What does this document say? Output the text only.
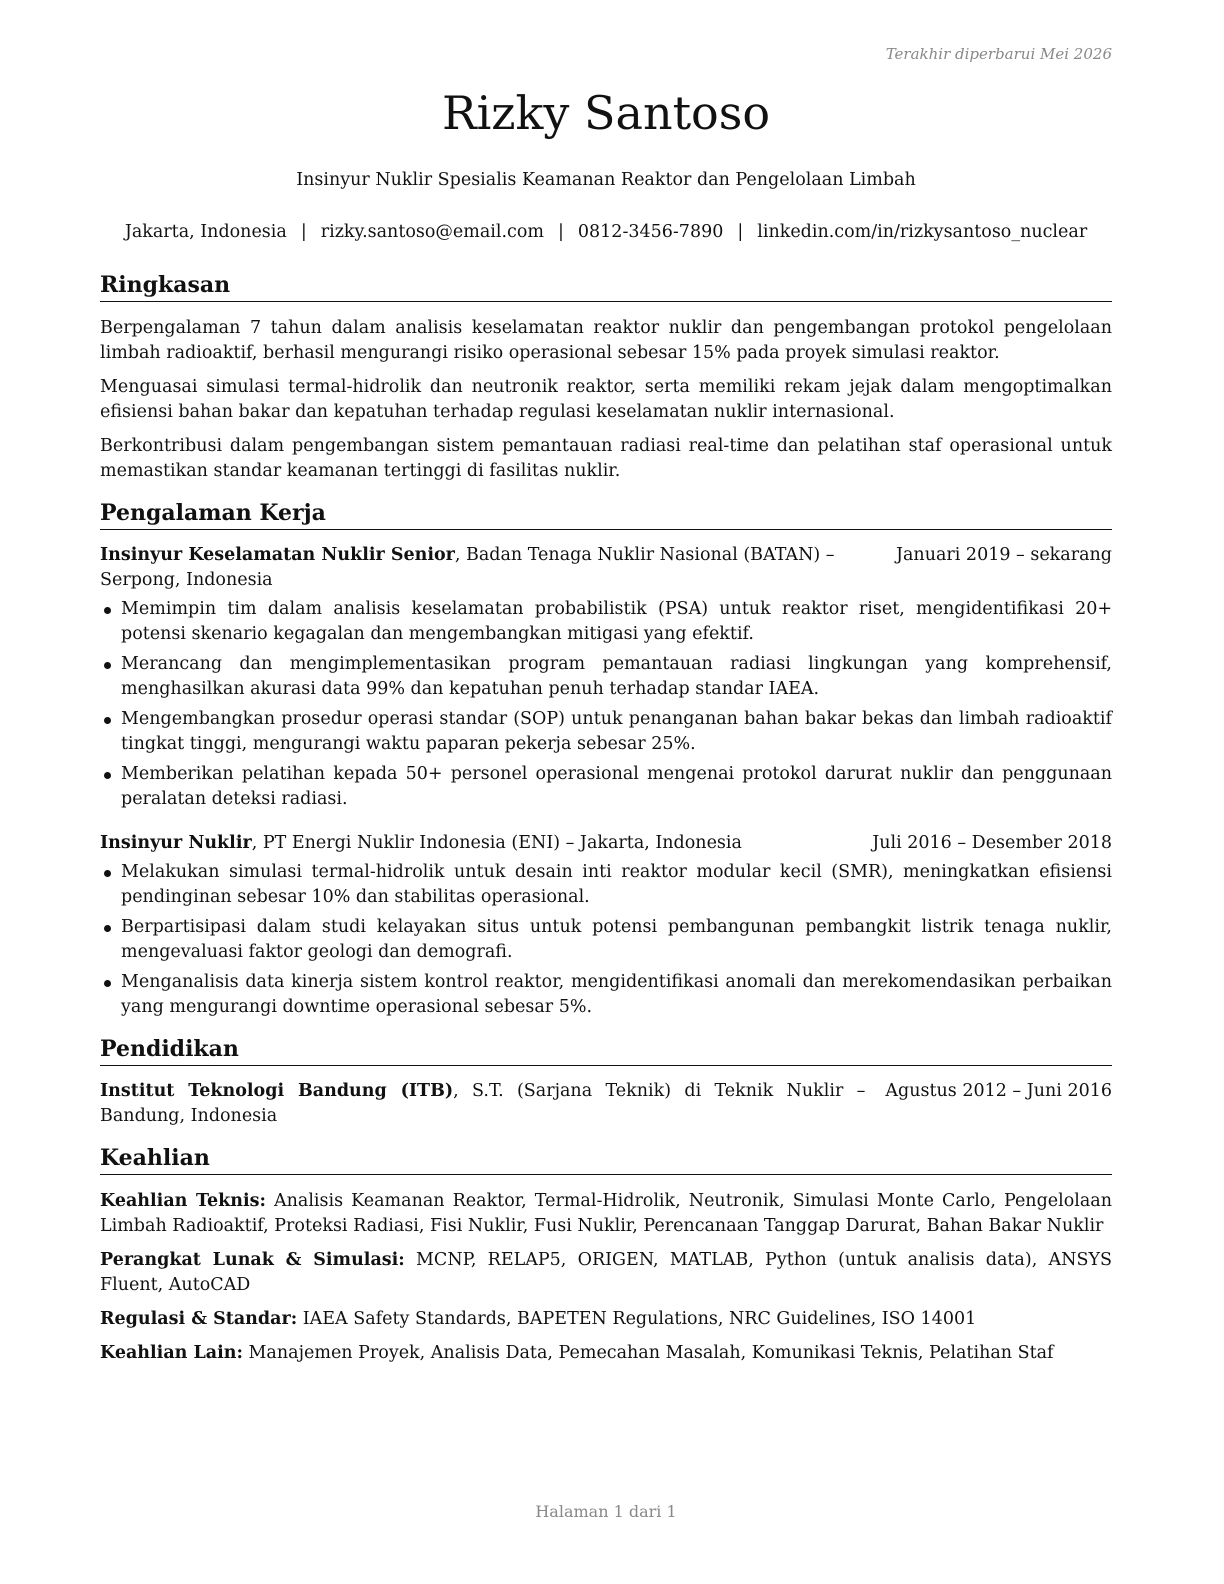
Terakhir diperbarui Mei 2026
Rizky Santoso

Insinyur Nuklir Spesialis Keamanan Reaktor dan Pengelolaan Limbah

Jakarta, Indonesia | rizky.santoso@email.com | 0812-3456-7890 | linkedin.com/in/rizkysantoso_nuclear

Ringkasan

Berpengalaman 7 tahun dalam analisis keselamatan reaktor nuklir dan pengembangan protokol pengelolaan limbah radioaktif, berhasil mengurangi risiko operasional sebesar 15% pada proyek simulasi reaktor.

Menguasai simulasi termal-hidrolik dan neutronik reaktor, serta memiliki rekam jejak dalam mengoptimalkan efisiensi bahan bakar dan kepatuhan terhadap regulasi keselamatan nuklir internasional.

Berkontribusi dalam pengembangan sistem pemantauan radiasi real-time dan pelatihan staf operasional untuk memastikan standar keamanan tertinggi di fasilitas nuklir.

Pengalaman Kerja

Insinyur Keselamatan Nuklir Senior, Badan Tenaga Nuklir Nasional (BATAN) – Serpong, Indonesia

Januari 2019 – sekarang

Memimpin tim dalam analisis keselamatan probabilistik (PSA) untuk reaktor riset, mengidentifikasi 20+ potensi skenario kegagalan dan mengembangkan mitigasi yang efektif.
Merancang dan mengimplementasikan program pemantauan radiasi lingkungan yang komprehensif, menghasilkan akurasi data 99% dan kepatuhan penuh terhadap standar IAEA.
Mengembangkan prosedur operasi standar (SOP) untuk penanganan bahan bakar bekas dan limbah radioaktif tingkat tinggi, mengurangi waktu paparan pekerja sebesar 25%.
Memberikan pelatihan kepada 50+ personel operasional mengenai protokol darurat nuklir dan penggunaan peralatan deteksi radiasi.

Insinyur Nuklir, PT Energi Nuklir Indonesia (ENI) – Jakarta, Indonesia	Juli 2016 – Desember 2018

Melakukan simulasi termal-hidrolik untuk desain inti reaktor modular kecil (SMR), meningkatkan efisiensi pendinginan sebesar 10% dan stabilitas operasional.
Berpartisipasi dalam studi kelayakan situs untuk potensi pembangunan pembangkit listrik tenaga nuklir, mengevaluasi faktor geologi dan demografi.
Menganalisis data kinerja sistem kontrol reaktor, mengidentifikasi anomali dan merekomendasikan perbaikan yang mengurangi downtime operasional sebesar 5%.
Pendidikan

Institut Teknologi Bandung (ITB), S.T. (Sarjana Teknik) di Teknik Nuklir – Bandung, Indonesia

Agustus 2012 – Juni 2016

Keahlian

Keahlian Teknis: Analisis Keamanan Reaktor, Termal-Hidrolik, Neutronik, Simulasi Monte Carlo, Pengelolaan Limbah Radioaktif, Proteksi Radiasi, Fisi Nuklir, Fusi Nuklir, Perencanaan Tanggap Darurat, Bahan Bakar Nuklir

Perangkat Lunak & Simulasi: MCNP, RELAP5, ORIGEN, MATLAB, Python (untuk analisis data), ANSYS Fluent, AutoCAD

Regulasi & Standar: IAEA Safety Standards, BAPETEN Regulations, NRC Guidelines, ISO 14001

Keahlian Lain: Manajemen Proyek, Analisis Data, Pemecahan Masalah, Komunikasi Teknis, Pelatihan Staf

Halaman 1 dari 1
